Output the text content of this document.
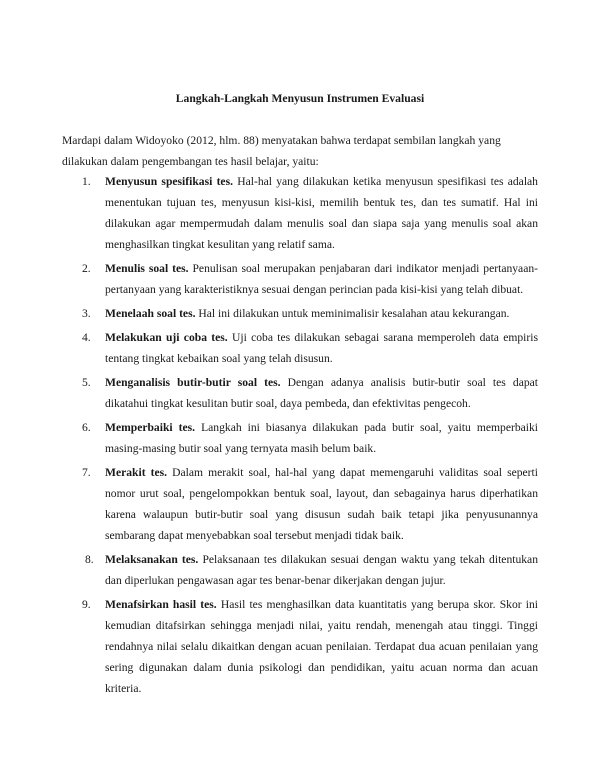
Langkah-Langkah Menyusun Instrumen Evaluasi

Mardapi dalam Widoyoko (2012, hlm. 88) menyatakan bahwa terdapat sembilan langkah yang dilakukan dalam pengembangan tes hasil belajar, yaitu:

1. Menyusun spesifikasi tes. Hal-hal yang dilakukan ketika menyusun spesifikasi tes adalah menentukan tujuan tes, menyusun kisi-kisi, memilih bentuk tes, dan tes sumatif. Hal ini dilakukan agar mempermudah dalam menulis soal dan siapa saja yang menulis soal akan menghasilkan tingkat kesulitan yang relatif sama.
2. Menulis soal tes. Penulisan soal merupakan penjabaran dari indikator menjadi pertanyaan-pertanyaan yang karakteristiknya sesuai dengan perincian pada kisi-kisi yang telah dibuat.
3. Menelaah soal tes. Hal ini dilakukan untuk meminimalisir kesalahan atau kekurangan.
4. Melakukan uji coba tes. Uji coba tes dilakukan sebagai sarana memperoleh data empiris tentang tingkat kebaikan soal yang telah disusun.
5. Menganalisis butir-butir soal tes. Dengan adanya analisis butir-butir soal tes dapat dikatahui tingkat kesulitan butir soal, daya pembeda, dan efektivitas pengecoh.
6. Memperbaiki tes. Langkah ini biasanya dilakukan pada butir soal, yaitu memperbaiki masing-masing butir soal yang ternyata masih belum baik.
7. Merakit tes. Dalam merakit soal, hal-hal yang dapat memengaruhi validitas soal seperti nomor urut soal, pengelompokkan bentuk soal, layout, dan sebagainya harus diperhatikan karena walaupun butir-butir soal yang disusun sudah baik tetapi jika penyusunannya sembarang dapat menyebabkan soal tersebut menjadi tidak baik.
8. Melaksanakan tes. Pelaksanaan tes dilakukan sesuai dengan waktu yang tekah ditentukan dan diperlukan pengawasan agar tes benar-benar dikerjakan dengan jujur.
9. Menafsirkan hasil tes. Hasil tes menghasilkan data kuantitatis yang berupa skor. Skor ini kemudian ditafsirkan sehingga menjadi nilai, yaitu rendah, menengah atau tinggi. Tinggi rendahnya nilai selalu dikaitkan dengan acuan penilaian. Terdapat dua acuan penilaian yang sering digunakan dalam dunia psikologi dan pendidikan, yaitu acuan norma dan acuan kriteria.
